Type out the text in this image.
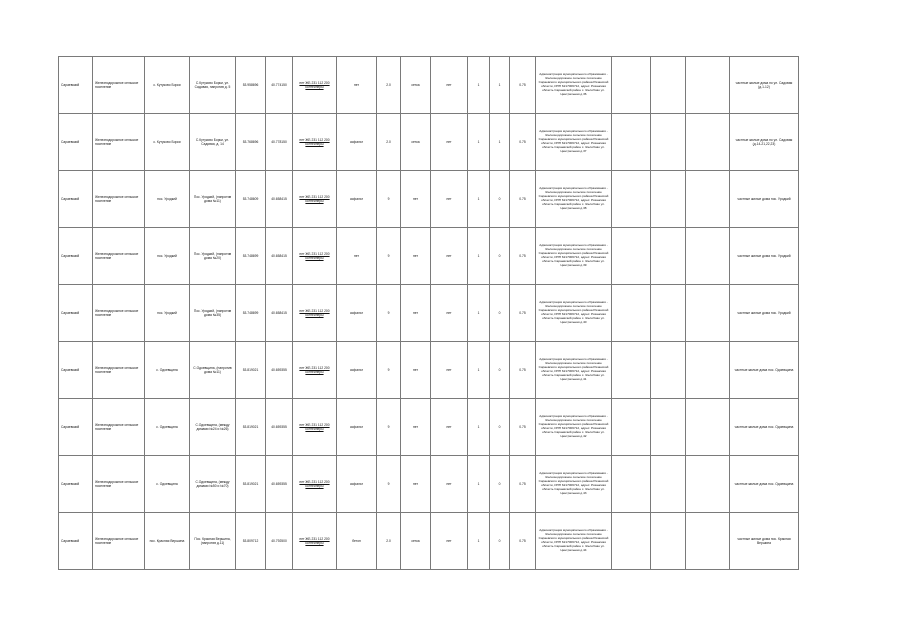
Сараевский	Железнодорожное сельское поселение	с. Кутуково Борки	С.Кутуково Борки, ул. Садовая, напротив д. 5	53.958696	40.774150	нет ЖБ 231 112 200 контейнеры	нет	2.0	сетка	нет	1	1	0.75	Администрация муниципального образования - Железнодорожное сельское поселение Сараевского муниципального района Рязанской области, ИНН 6217006712, адрес: Рязанская область Сараевский район с. Желобово ул. Центральная д.36				частные жилые дома по ул. Садовая (д.1-12)
Сараевский	Железнодорожное сельское поселение	с. Кутуково Борки	С.Кутуково Борки, ул. Садовая, д. 14	53.768696	40.778150	нет ЖБ 231 112 200 контейнеры	асфальт	2.0	сетка	нет	1	1	0.75	Администрация муниципального образования - Железнодорожное сельское поселение Сараевского муниципального района Рязанской области, ИНН 6217006712, адрес: Рязанская область Сараевский район с. Желобово ул. Центральная д.37				частные жилые дома по ул. Садовая (д.14-21,22,23)
Сараевский	Железнодорожное сельское поселение	пос. Уродкий	Пос. Уродкий, (напротив дома №11)	53.748609	40.658415	нет ЖБ 231 112 200 контейнеры	асфальт	9	нет	нет	1	0	0.75	Администрация муниципального образования - Железнодорожное сельское поселение Сараевского муниципального района Рязанской области, ИНН 6217006712, адрес: Рязанская область Сараевский район с. Желобово ул. Центральная д.38				частные жилые дома пос. Уродкий
Сараевский	Железнодорожное сельское поселение	пос. Уродкий	Пос. Уродкий, (напротив дома №20)	53.748699	40.658415	нет ЖБ 231 112 200 контейнеры	нет	9	нет	нет	1	0	0.75	Администрация муниципального образования - Железнодорожное сельское поселение Сараевского муниципального района Рязанской области, ИНН 6217006712, адрес: Рязанская область Сараевский район с. Желобово ул. Центральная д.39				частные жилые дома пос. Уродкий
Сараевский	Железнодорожное сельское поселение	пос. Уродкий	Пос. Уродкий, (напротив дома №35)	53.748699	40.658415	нет ЖБ 231 112 200 контейнеры	асфальт	9	нет	нет	1	0	0.75	Администрация муниципального образования - Железнодорожное сельское поселение Сараевского муниципального района Рязанской области, ИНН 6217006712, адрес: Рязанская область Сараевский район с. Желобово ул. Центральная д.40				частные жилые дома пос. Уродкий
Сараевский	Железнодорожное сельское поселение	с. Одоевщина	С.Одоевщина, (напротив дома №11)	53.819021	40.659355	нет ЖБ 231 112 200 контейнеры	асфальт	9	нет	нет	1	0	0.75	Администрация муниципального образования - Железнодорожное сельское поселение Сараевского муниципального района Рязанской области, ИНН 6217006712, адрес: Рязанская область Сараевский район с. Желобово ул. Центральная д.41				частные жилые дома пос. Одоевщина
Сараевский	Железнодорожное сельское поселение	с. Одоевщина	С.Одоевщина, (между домами №24 и №26)	53.819021	40.659355	нет ЖБ 231 112 200 контейнеры	асфальт	9	нет	нет	1	0	0.75	Администрация муниципального образования - Железнодорожное сельское поселение Сараевского муниципального района Рязанской области, ИНН 6217006712, адрес: Рязанская область Сараевский район с. Желобово ул. Центральная д.42				частные жилые дома пос. Одоевщина
Сараевский	Железнодорожное сельское поселение	с. Одоевщина	С.Одоевщина, (между домами №50 и №70)	53.819021	40.659355	нет ЖБ 231 112 200 контейнеры	асфальт	9	нет	нет	1	0	0.75	Администрация муниципального образования - Железнодорожное сельское поселение Сараевского муниципального района Рязанской области, ИНН 6217006712, адрес: Рязанская область Сараевский район с. Желобово ул. Центральная д.43				частные жилые дома пос. Одоевщина
Сараевский	Железнодорожное сельское поселение	пос. Красная Вершина	Пос. Красная Вершина, (напротив д.11)	53.809712	40.792500	нет ЖБ 231 112 200 контейнеры	бетон	2.0	сетка	нет	1	0	0.75	Администрация муниципального образования - Железнодорожное сельское поселение Сараевского муниципального района Рязанской области, ИНН 6217006712, адрес: Рязанская область Сараевский район с. Желобово ул. Центральная д.44				частные жилые дома пос. Красная Вершина
